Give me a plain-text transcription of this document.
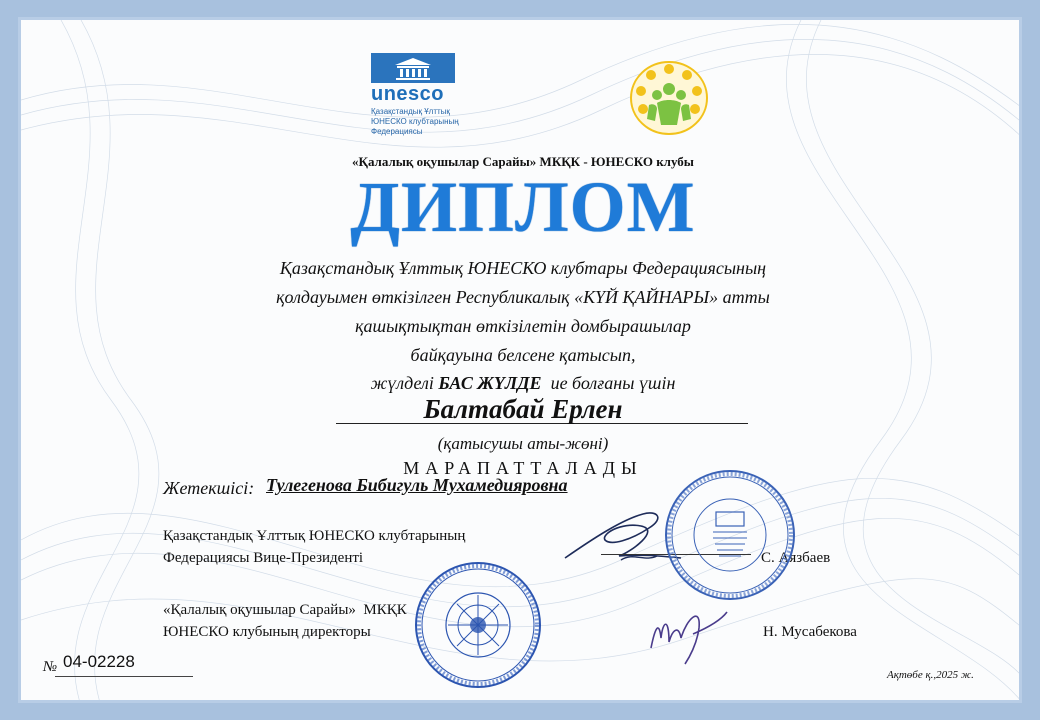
unesco
Қазақстандық Ұлттық
ЮНЕСКО клубтарының
Федерациясы
«Қалалық оқушылар Сарайы» МКҚК - ЮНЕСКО клубы
ДИПЛОМ
Қазақстандық Ұлттық ЮНЕСКО клубтары Федерациясының
қолдауымен өткізілген Республикалық «КҮЙ ҚАЙНАРЫ» атты
қашықтықтан өткізілетін домбырашылар
байқауына белсене қатысып,
жүлделі БАС ЖҮЛДЕ  ие болғаны үшін
Балтабай Ерлен
(қатысушы аты-жөні)
МАРАПАТТАЛАДЫ
Жетекшісі: Тулегенова Бибигуль Мухамедияровна
Қазақстандық Ұлттық ЮНЕСКО клубтарының
Федерациясы Вице-Президенті	С. Аязбаев
«Қалалық оқушылар Сарайы»  МКҚК
ЮНЕСКО клубының директоры	Н. Мусабекова
№ 04-02228
Ақтөбе қ.,2025 ж.
